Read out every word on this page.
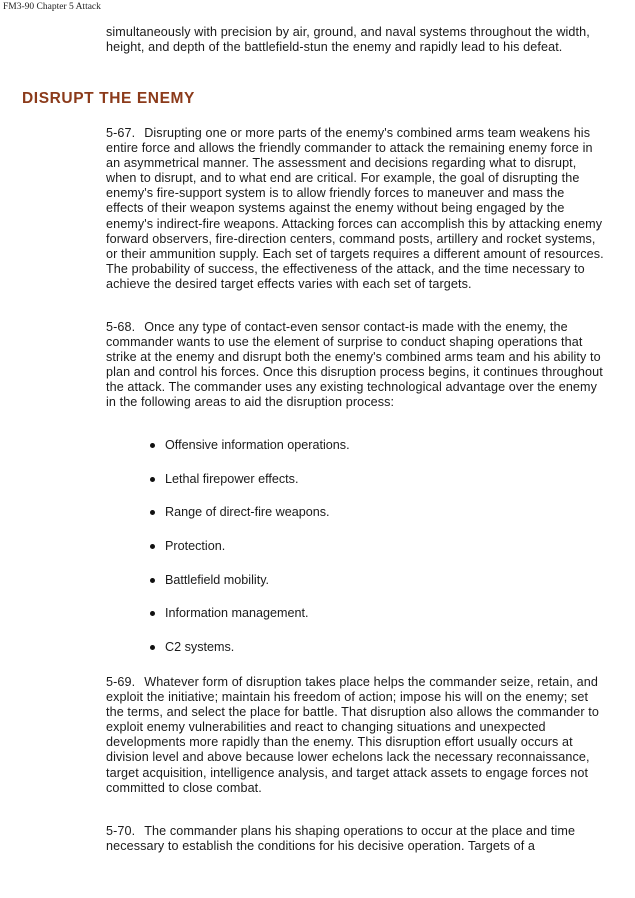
FM3-90 Chapter 5 Attack

simultaneously with precision by air, ground, and naval systems throughout the width, height, and depth of the battlefield-stun the enemy and rapidly lead to his defeat.

DISRUPT THE ENEMY

5-67. Disrupting one or more parts of the enemy's combined arms team weakens his entire force and allows the friendly commander to attack the remaining enemy force in an asymmetrical manner. The assessment and decisions regarding what to disrupt, when to disrupt, and to what end are critical. For example, the goal of disrupting the enemy's fire-support system is to allow friendly forces to maneuver and mass the effects of their weapon systems against the enemy without being engaged by the enemy's indirect-fire weapons. Attacking forces can accomplish this by attacking enemy forward observers, fire-direction centers, command posts, artillery and rocket systems, or their ammunition supply. Each set of targets requires a different amount of resources. The probability of success, the effectiveness of the attack, and the time necessary to achieve the desired target effects varies with each set of targets.

5-68. Once any type of contact-even sensor contact-is made with the enemy, the commander wants to use the element of surprise to conduct shaping operations that strike at the enemy and disrupt both the enemy's combined arms team and his ability to plan and control his forces. Once this disruption process begins, it continues throughout the attack. The commander uses any existing technological advantage over the enemy in the following areas to aid the disruption process:

Offensive information operations.
Lethal firepower effects.
Range of direct-fire weapons.
Protection.
Battlefield mobility.
Information management.
C2 systems.

5-69. Whatever form of disruption takes place helps the commander seize, retain, and exploit the initiative; maintain his freedom of action; impose his will on the enemy; set the terms, and select the place for battle. That disruption also allows the commander to exploit enemy vulnerabilities and react to changing situations and unexpected developments more rapidly than the enemy. This disruption effort usually occurs at division level and above because lower echelons lack the necessary reconnaissance, target acquisition, intelligence analysis, and target attack assets to engage forces not committed to close combat.

5-70. The commander plans his shaping operations to occur at the place and time necessary to establish the conditions for his decisive operation. Targets of a
